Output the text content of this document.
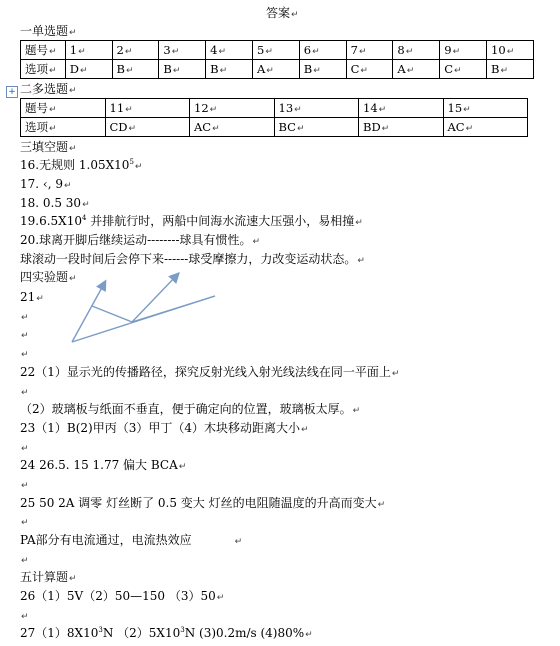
答案↵
一单选题↵
题号↵	1↵	2↵	3↵	4↵	5↵	6↵	7↵	8↵	9↵	10↵
选项↵	D↵	B↵	B↵	B↵	A↵	B↵	C↵	A↵	C↵	B↵
+ 二多选题↵
题号↵	11↵	12↵	13↵	14↵	15↵
选项↵	CD↵	AC↵	BC↵	BD↵	AC↵
三填空题↵
16.无规则 $1.05X10^5↵$
17. ‹, 9↵
18. 0.5 30↵
$19.6.5X10^4$ 并排航行时，两船中间海水流速大压强小，易相撞↵
20.球离开脚后继续运动--------球具有惯性。↵
球滚动一段时间后会停下来------球受摩擦力，力改变运动状态。↵
四实验题↵
21↵
↵
↵
↵
22（1）显示光的传播路径，探究反射光线入射光线法线在同一平面上↵
↵
（2）玻璃板与纸面不垂直，便于确定向的位置，玻璃板太厚。↵
23（1）B(2)甲丙（3）甲丁（4）木块移动距离大小↵
↵
24 26.5. 15 1.77 偏大 BCA↵
↵
25 50 2A 调零 灯丝断了 0.5 变大 灯丝的电阻随温度的升高而变大↵
↵
PA部分有电流通过，电流热效应	↵
↵
五计算题↵
26（1）5V（2）50—150 （3）50↵
↵
$27(1)8X10^3N$ $(2)5X10^3N$ (3)0.2m/s (4)80%↵
